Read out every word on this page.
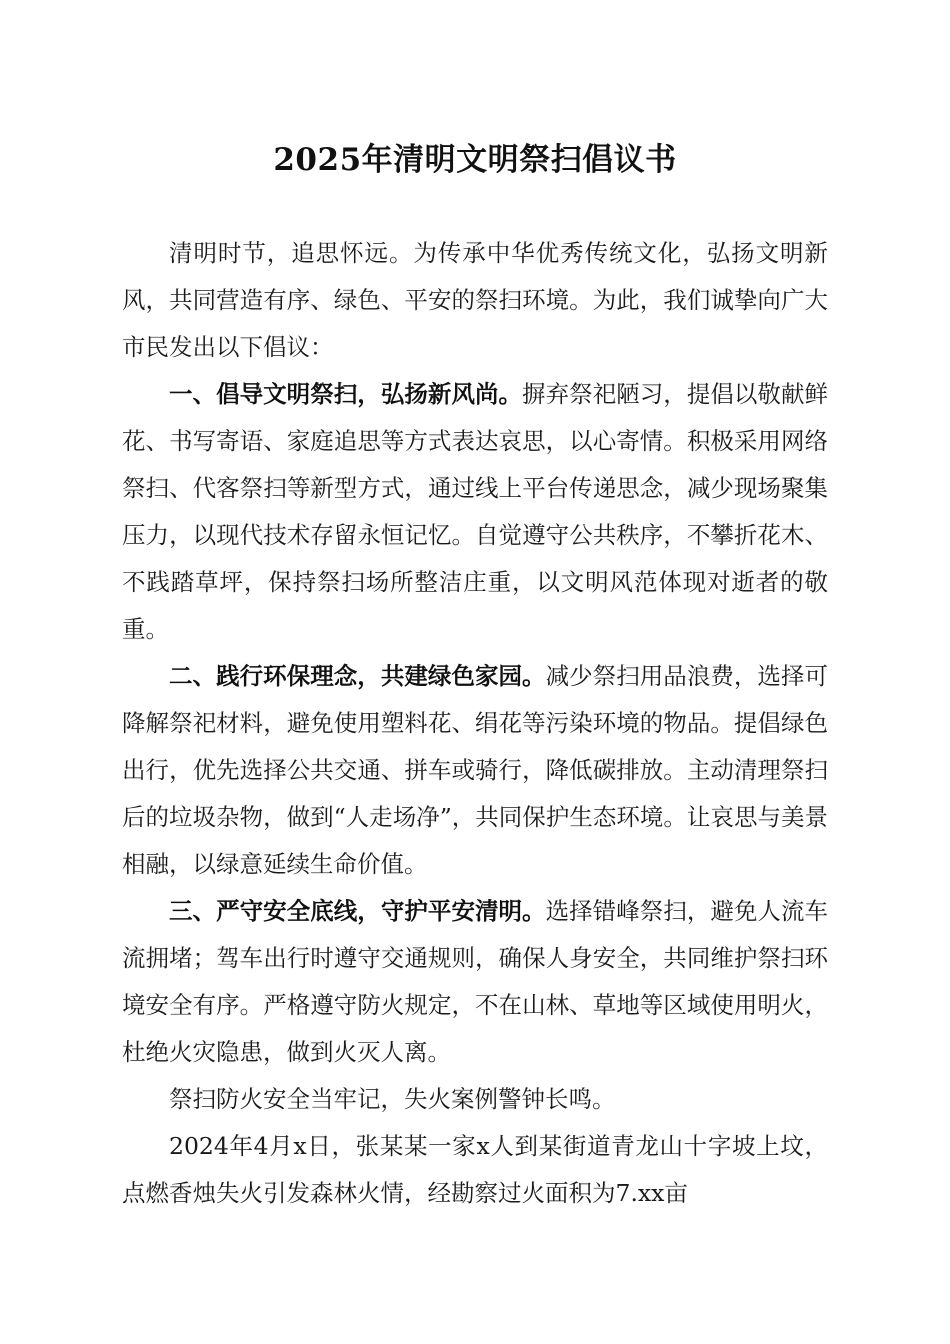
2025年清明文明祭扫倡议书

清明时节，追思怀远。为传承中华优秀传统文化，弘扬文明新风，共同营造有序、绿色、平安的祭扫环境。为此，我们诚挚向广大市民发出以下倡议：

一、倡导文明祭扫，弘扬新风尚。摒弃祭祀陋习，提倡以敬献鲜花、书写寄语、家庭追思等方式表达哀思，以心寄情。积极采用网络祭扫、代客祭扫等新型方式，通过线上平台传递思念，减少现场聚集压力，以现代技术存留永恒记忆。自觉遵守公共秩序，不攀折花木、不践踏草坪，保持祭扫场所整洁庄重，以文明风范体现对逝者的敬重。

二、践行环保理念，共建绿色家园。减少祭扫用品浪费，选择可降解祭祀材料，避免使用塑料花、绢花等污染环境的物品。提倡绿色出行，优先选择公共交通、拼车或骑行，降低碳排放。主动清理祭扫后的垃圾杂物，做到“人走场净”，共同保护生态环境。让哀思与美景相融，以绿意延续生命价值。

三、严守安全底线，守护平安清明。选择错峰祭扫，避免人流车流拥堵；驾车出行时遵守交通规则，确保人身安全，共同维护祭扫环境安全有序。严格遵守防火规定，不在山林、草地等区域使用明火，杜绝火灾隐患，做到火灭人离。

祭扫防火安全当牢记，失火案例警钟长鸣。

2024年4月x日，张某某一家x人到某街道青龙山十字坡上坟，点燃香烛失火引发森林火情，经勘察过火面积为7.xx亩
